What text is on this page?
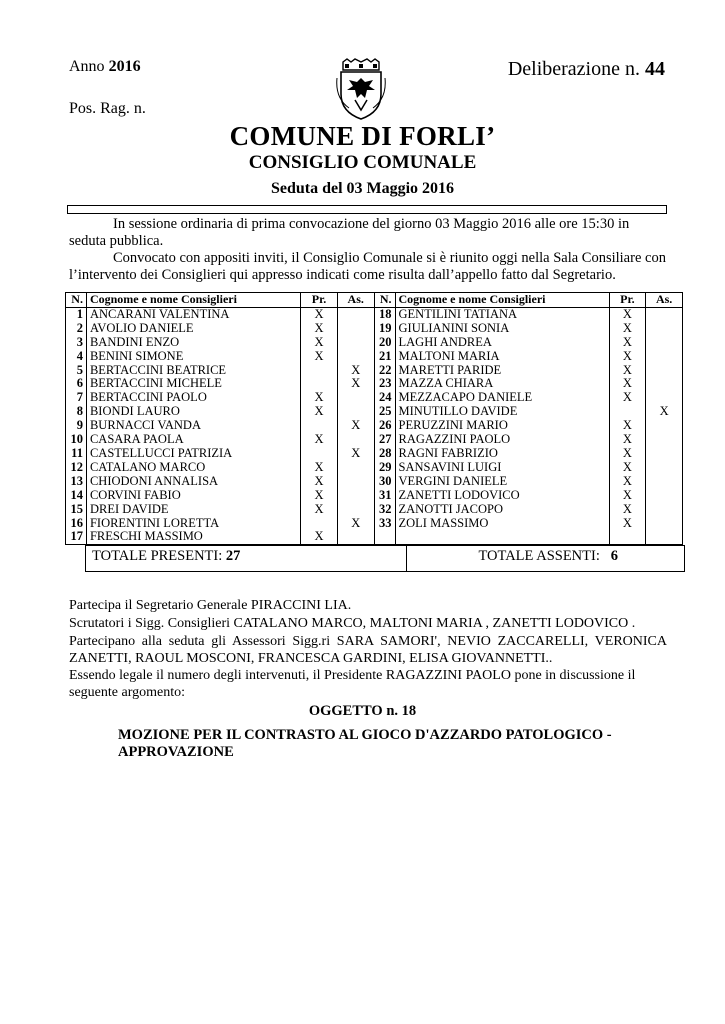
Anno 2016
Pos. Rag. n.
Deliberazione n. 44
COMUNE DI FORLI’
CONSIGLIO COMUNALE
Seduta del 03 Maggio 2016
In sessione ordinaria di prima convocazione del giorno 03 Maggio 2016 alle ore 15:30 in seduta pubblica.
Convocato con appositi inviti, il Consiglio Comunale si è riunito oggi nella Sala Consiliare con l’intervento dei Consiglieri qui appresso indicati come risulta dall’appello fatto dal Segretario.
N.	Cognome e nome Consiglieri	Pr.	As.	N.	Cognome e nome Consiglieri	Pr.	As.
1	ANCARANI VALENTINA	X		18	GENTILINI TATIANA	X	
2	AVOLIO DANIELE	X		19	GIULIANINI SONIA	X	
3	BANDINI ENZO	X		20	LAGHI ANDREA	X	
4	BENINI SIMONE	X		21	MALTONI MARIA	X	
5	BERTACCINI BEATRICE		X	22	MARETTI PARIDE	X	
6	BERTACCINI MICHELE		X	23	MAZZA CHIARA	X	
7	BERTACCINI PAOLO	X		24	MEZZACAPO DANIELE	X	
8	BIONDI LAURO	X		25	MINUTILLO DAVIDE		X
9	BURNACCI VANDA		X	26	PERUZZINI MARIO	X	
10	CASARA PAOLA	X		27	RAGAZZINI PAOLO	X	
11	CASTELLUCCI PATRIZIA		X	28	RAGNI FABRIZIO	X	
12	CATALANO MARCO	X		29	SANSAVINI LUIGI	X	
13	CHIODONI ANNALISA	X		30	VERGINI DANIELE	X	
14	CORVINI FABIO	X		31	ZANETTI LODOVICO	X	
15	DREI DAVIDE	X		32	ZANOTTI JACOPO	X	
16	FIORENTINI LORETTA		X	33	ZOLI MASSIMO	X	
17	FRESCHI MASSIMO	X					
TOTALE PRESENTI: 27	TOTALE ASSENTI: 6
Partecipa il Segretario Generale PIRACCINI LIA.
Scrutatori i Sigg. Consiglieri CATALANO MARCO, MALTONI MARIA , ZANETTI LODOVICO .
Partecipano alla seduta gli Assessori Sigg.ri SARA SAMORI', NEVIO ZACCARELLI, VERONICA ZANETTI, RAOUL MOSCONI, FRANCESCA GARDINI, ELISA GIOVANNETTI..
Essendo legale il numero degli intervenuti, il Presidente RAGAZZINI PAOLO pone in discussione il seguente argomento:
OGGETTO n. 18
MOZIONE PER IL CONTRASTO AL GIOCO D'AZZARDO PATOLOGICO - APPROVAZIONE
